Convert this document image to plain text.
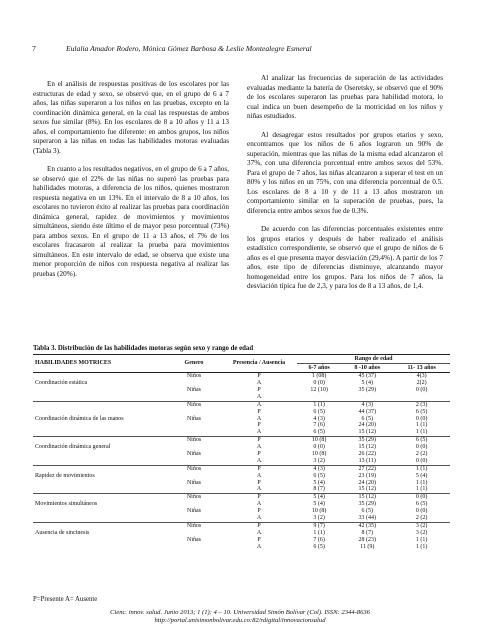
7	Eulalia Amador Rodero, Mónica Gómez Barbosa & Leslie Montealegre Esmeral

En el análisis de respuestas positivas de los escolares por las estructuras de edad y sexo, se observó que, en el grupo de 6 a 7 años, las niñas superaron a los niños en las pruebas, excepto en la coordinación dinámica general, en la cual las respuestas de ambos sexos fue similar (8%). En los escolares de 8 a 10 años y 11 a 13 años, el comportamiento fue diferente: en ambos grupos, los niños superaron a las niñas en todas las habilidades motoras evaluadas (Tabla 3).

En cuanto a los resultados negativos, en el grupo de 6 a 7 años, se observó que el 22% de las niñas no superó las pruebas para habilidades motoras, a diferencia de los niños, quienes mostraron respuesta negativa en un 13%. En el intervalo de 8 a 10 años, los escolares no tuvieron éxito al realizar las pruebas para coordinación dinámica general, rapidez de movimientos y movimientos simultáneos, siendo éste último el de mayor peso porcentual (73%) para ambos sexos. En el grupo de 11 a 13 años, el 7% de los escolares fracasaron al realizar la prueba para movimientos simultáneos. En este intervalo de edad, se observa que existe una menor proporción de niños con respuesta negativa al realizar las pruebas (20%).

Al analizar las frecuencias de superación de las actividades evaluadas mediante la batería de Oseretsky, se observó que el 90% de los escolares superaron las pruebas para habilidad motora, lo cual indica un buen desempeño de la motricidad en los niños y niñas estudiados.

Al desagregar estos resultados por grupos etarios y sexo, encontramos que los niños de 6 años lograron un 90% de superación, mientras que las niñas de la misma edad alcanzaron el 37%, con una diferencia porcentual entre ambos sexos del 53%. Para el grupo de 7 años, las niñas alcanzaron a superar el test en un 80% y los niños en un 75%, con una diferencia porcentual de 0.5. Los escolares de 8 a 10 y de 11 a 13 años mostraron un comportamiento similar en la superación de pruebas, pues, la diferencia entre ambos sexos fue de 0.3%.

De acuerdo con las diferencias porcentuales existentes entre los grupos etarios y después de haber realizado el análisis estadístico correspondiente, se observó que el grupo de niños de 6 años es el que presenta mayor desviación (29,4%). A partir de los 7 años, este tipo de diferencias disminuye, alcanzando mayor homogeneidad entre los grupos. Para los niños de 7 años, la desviación típica fue de 2,3, y para los de 8 a 13 años, de 1,4.

Tabla 3. Distribución de las habilidades motoras según sexo y rango de edad
HABILIDADES MOTRICES	Genero	Presencia / Ausencia	Rango de edad		
			6-7 años	8 -10 años	11- 13 años
	Niños	P	1 (08)	45 (37)	4(3)
Coordinación estática		A	0 (0)	5 (4)	2(2)
	Niñas	P	12 (10)	35 (29)	0 (0)
		A			
	Niños	A	1 (1)	4 (3)	2 (3)
		P	6 (5)	44 (37)	6 (5)
Coordinación dinámica de las manos	Niñas	A	4 (3)	6 (5)	0 (0)
		P	7 (6)	24 (20)	1 (1)
		A	6 (5)	15 (12)	1 (1)
	Niños	P	10 (8)	35 (29)	6 (5)
Coordinación dinámica general		A	0 (0)	15 (12)	0 (0)
	Niñas	P	10 (8)	26 (22)	2 (2)
		A	3 (2)	13 (11)	0 (0)
	Niños	P	4 (3)	27 (22)	1 (1)
Rapidez de movimientos		A	6 (5)	23 (19)	5 (4)
	Niñas	P	5 (4)	24 (20)	1 (1)
		A	8 (7)	15 (12)	1 (1)
	Niños	P	5 (4)	15 (12)	0 (0)
Movimientos simultáneos		A	5 (4)	35 (29)	6 (5)
	Niñas	P	10 (8)	6 (5)	0 (0)
		A	3 (2)	33 (44)	2 (2)
	Niños	P	9 (7)	42 (35)	3 (2)
Ausencia de sincinesis		A	1 (1)	8 (7)	3 (2)
	Niñas	P	7 (6)	28 (23)	1 (1)
		A	6 (5)	11 (9)	1 (1)
P=Presente A= Ausente
Cienc. innov. salud. Junio 2013; 1 (1): 4 – 10. Universidad Simón Bolívar (Col). ISSN: 2344-8636
http://portal.unisimonbolivar.edu.co:82/rdigital/innovacionsalud
